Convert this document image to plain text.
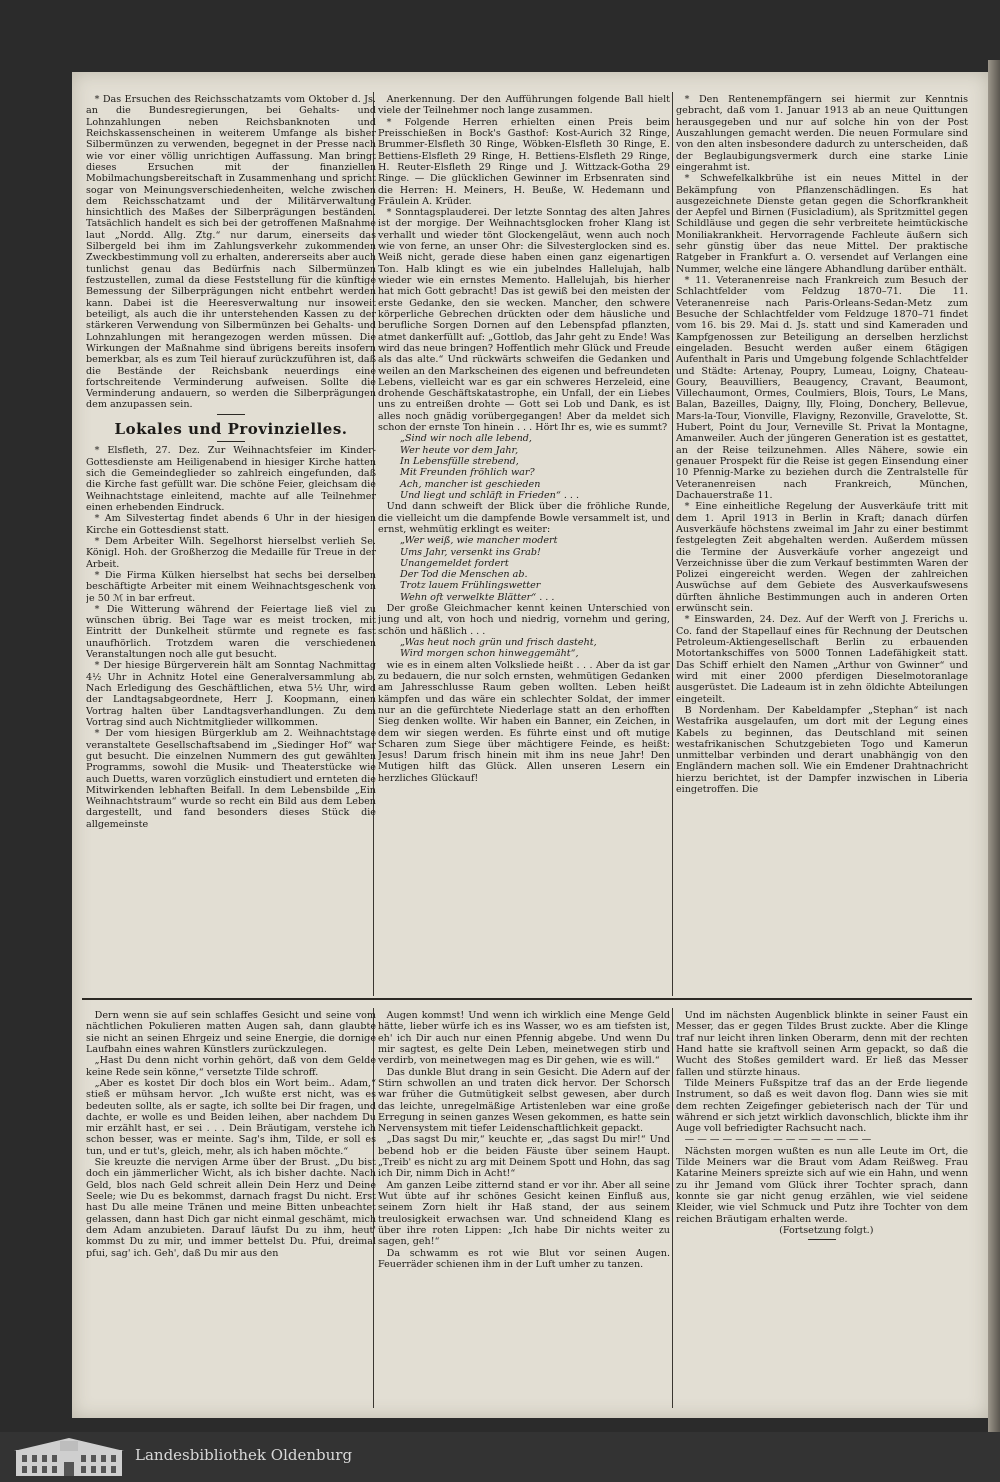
* Das Ersuchen des Reichsschatzamts vom Oktober d. Js. an die Bundesregierungen, bei Gehalts- und Lohnzahlungen neben Reichsbanknoten und Reichskassenscheinen in weiterem Umfange als bisher Silbermünzen zu verwenden, begegnet in der Presse nach wie vor einer völlig unrichtigen Auffassung. Man bringt dieses Ersuchen mit der finanziellen Mobilmachungsbereitschaft in Zusammenhang und spricht sogar von Meinungsverschiedenheiten, welche zwischen dem Reichsschatzamt und der Militärverwaltung hinsichtlich des Maßes der Silberprägungen beständen. Tatsächlich handelt es sich bei der getroffenen Maßnahme laut „Nordd. Allg. Ztg.“ nur darum, einerseits das Silbergeld bei ihm im Zahlungsverkehr zukommenden Zweckbestimmung voll zu erhalten, andererseits aber auch tunlichst genau das Bedürfnis nach Silbermünzen festzustellen, zumal da diese Feststellung für die künftige Bemessung der Silberprägungen nicht entbehrt werden kann. Dabei ist die Heeresverwaltung nur insoweit beteiligt, als auch die ihr unterstehenden Kassen zu der stärkeren Verwendung von Silbermünzen bei Gehalts- und Lohnzahlungen mit herangezogen werden müssen. Die Wirkungen der Maßnahme sind übrigens bereits insofern bemerkbar, als es zum Teil hierauf zurückzuführen ist, daß die Bestände der Reichsbank neuerdings eine fortschreitende Verminderung aufweisen. Sollte die Verminderung andauern, so werden die Silberprägungen dem anzupassen sein.

Lokales und Provinzielles.

* Elsfleth, 27. Dez. Zur Weihnachtsfeier im Kinder-Gottesdienste am Heiligenabend in hiesiger Kirche hatten sich die Gemeindeglieder so zahlreich eingefunden, daß die Kirche fast gefüllt war. Die schöne Feier, gleichsam die Weihnachtstage einleitend, machte auf alle Teilnehmer einen erhebenden Eindruck.

* Am Silvestertag findet abends 6 Uhr in der hiesigen Kirche ein Gottesdienst statt.

* Dem Arbeiter Wilh. Segelhorst hierselbst verlieh Se. Königl. Hoh. der Großherzog die Medaille für Treue in der Arbeit.

* Die Firma Külken hierselbst hat sechs bei derselben beschäftigte Arbeiter mit einem Weihnachtsgeschenk von je 50 ℳ in bar erfreut.

* Die Witterung während der Feiertage ließ viel zu wünschen übrig. Bei Tage war es meist trocken, mit Eintritt der Dunkelheit stürmte und regnete es fast unaufhörlich. Trotzdem waren die verschiedenen Veranstaltungen noch alle gut besucht.

* Der hiesige Bürgerverein hält am Sonntag Nachmittag 4½ Uhr in Achnitz Hotel eine Generalversammlung ab. Nach Erledigung des Geschäftlichen, etwa 5½ Uhr, wird der Landtagsabgeordnete, Herr J. Koopmann, einen Vortrag halten über Landtagsverhandlungen. Zu dem Vortrag sind auch Nichtmitglieder willkommen.

* Der vom hiesigen Bürgerklub am 2. Weihnachtstage veranstaltete Gesellschaftsabend im „Siedinger Hof“ war gut besucht. Die einzelnen Nummern des gut gewählten Programms, sowohl die Musik- und Theaterstücke wie auch Duetts, waren vorzüglich einstudiert und ernteten die Mitwirkenden lebhaften Beifall. In dem Lebensbilde „Ein Weihnachtstraum“ wurde so recht ein Bild aus dem Leben dargestellt, und fand besonders dieses Stück die allgemeinste

Anerkennung. Der den Aufführungen folgende Ball hielt viele der Teilnehmer noch lange zusammen.

* Folgende Herren erhielten einen Preis beim Preisschießen in Bock's Gasthof: Kost-Aurich 32 Ringe, Brummer-Elsfleth 30 Ringe, Wöbken-Elsfleth 30 Ringe, E. Bettiens-Elsfleth 29 Ringe, H. Bettiens-Elsfleth 29 Ringe, H. Reuter-Elsfleth 29 Ringe und J. Wittzack-Gotha 29 Ringe. — Die glücklichen Gewinner im Erbsenraten sind die Herren: H. Meiners, H. Beuße, W. Hedemann und Fräulein A. Krüder.

* Sonntagsplauderei. Der letzte Sonntag des alten Jahres ist der morgige. Der Weihnachtsglocken froher Klang ist verhallt und wieder tönt Glockengeläut, wenn auch noch wie von ferne, an unser Ohr: die Silvesterglocken sind es. Weiß nicht, gerade diese haben einen ganz eigenartigen Ton. Halb klingt es wie ein jubelndes Hallelujah, halb wieder wie ein ernstes Memento. Hallelujah, bis hierher hat mich Gott gebracht! Das ist gewiß bei den meisten der erste Gedanke, den sie wecken. Mancher, den schwere körperliche Gebrechen drückten oder dem häusliche und berufliche Sorgen Dornen auf den Lebenspfad pflanzten, atmet dankerfüllt auf: „Gottlob, das Jahr geht zu Ende! Was wird das neue bringen? Hoffentlich mehr Glück und Freude als das alte.“ Und rückwärts schweifen die Gedanken und weilen an den Markscheinen des eigenen und befreundeten Lebens, vielleicht war es gar ein schweres Herzeleid, eine drohende Geschäftskatastrophe, ein Unfall, der ein Liebes uns zu entreißen drohte — Gott sei Lob und Dank, es ist alles noch gnädig vorübergegangen! Aber da meldet sich schon der ernste Ton hinein . . . Hört Ihr es, wie es summt?

„Sind wir noch alle lebend,

Wer heute vor dem Jahr,

In Lebensfülle strebend,

Mit Freunden fröhlich war?

Ach, mancher ist geschieden

Und liegt und schläft in Frieden“ . . .

Und dann schweift der Blick über die fröhliche Runde, die vielleicht um die dampfende Bowle versammelt ist, und ernst, wehmütig erklingt es weiter:

„Wer weiß, wie mancher modert

Ums Jahr, versenkt ins Grab!

Unangemeldet fordert

Der Tod die Menschen ab.

Trotz lauem Frühlingswetter

Wehn oft verwelkte Blätter“ . . .

Der große Gleichmacher kennt keinen Unterschied von jung und alt, von hoch und niedrig, vornehm und gering, schön und häßlich . . .

„Was heut noch grün und frisch dasteht,

Wird morgen schon hinweggemäht“,

wie es in einem alten Volksliede heißt . . . Aber da ist gar zu bedauern, die nur solch ernsten, wehmütigen Gedanken am Jahresschlusse Raum geben wollten. Leben heißt kämpfen und das wäre ein schlechter Soldat, der immer nur an die gefürchtete Niederlage statt an den erhofften Sieg denken wollte. Wir haben ein Banner, ein Zeichen, in dem wir siegen werden. Es führte einst und oft mutige Scharen zum Siege über mächtigere Feinde, es heißt: Jesus! Darum frisch hinein mit ihm ins neue Jahr! Den Mutigen hilft das Glück. Allen unseren Lesern ein herzliches Glückauf!

* Den Rentenempfängern sei hiermit zur Kenntnis gebracht, daß vom 1. Januar 1913 ab an neue Quittungen herausgegeben und nur auf solche hin von der Post Auszahlungen gemacht werden. Die neuen Formulare sind von den alten insbesondere dadurch zu unterscheiden, daß der Beglaubigungsvermerk durch eine starke Linie eingerahmt ist.

* Schwefelkalkbrühe ist ein neues Mittel in der Bekämpfung von Pflanzenschädlingen. Es hat ausgezeichnete Dienste getan gegen die Schorfkrankheit der Aepfel und Birnen (Fusicladium), als Spritzmittel gegen Schildläuse und gegen die sehr verbreitete heimtückische Moniliakrankheit. Hervorragende Fachleute äußern sich sehr günstig über das neue Mittel. Der praktische Ratgeber in Frankfurt a. O. versendet auf Verlangen eine Nummer, welche eine längere Abhandlung darüber enthält.

* 11. Veteranenreise nach Frankreich zum Besuch der Schlachtfelder vom Feldzug 1870–71. Die 11. Veteranenreise nach Paris-Orleans-Sedan-Metz zum Besuche der Schlachtfelder vom Feldzuge 1870–71 findet vom 16. bis 29. Mai d. Js. statt und sind Kameraden und Kampfgenossen zur Beteiligung an derselben herzlichst eingeladen. Besucht werden außer einem 6tägigen Aufenthalt in Paris und Umgebung folgende Schlachtfelder und Städte: Artenay, Poupry, Lumeau, Loigny, Chateau-Goury, Beauvilliers, Beaugency, Cravant, Beaumont, Villechaumont, Ormes, Coulmiers, Blois, Tours, Le Mans, Balan, Bazeilles, Daigny, Illy, Floing, Donchery, Bellevue, Mars-la-Tour, Vionville, Flavigny, Rezonville, Gravelotte, St. Hubert, Point du Jour, Verneville St. Privat la Montagne, Amanweiler. Auch der jüngeren Generation ist es gestattet, an der Reise teilzunehmen. Alles Nähere, sowie ein genauer Prospekt für die Reise ist gegen Einsendung einer 10 Pfennig-Marke zu beziehen durch die Zentralstelle für Veteranenreisen nach Frankreich, München, Dachauerstraße 11.

* Eine einheitliche Regelung der Ausverkäufe tritt mit dem 1. April 1913 in Berlin in Kraft; danach dürfen Ausverkäufe höchstens zweimal im Jahr zu einer bestimmt festgelegten Zeit abgehalten werden. Außerdem müssen die Termine der Ausverkäufe vorher angezeigt und Verzeichnisse über die zum Verkauf bestimmten Waren der Polizei eingereicht werden. Wegen der zahlreichen Auswüchse auf dem Gebiete des Ausverkaufswesens dürften ähnliche Bestimmungen auch in anderen Orten erwünscht sein.

* Einswarden, 24. Dez. Auf der Werft von J. Frerichs u. Co. fand der Stapellauf eines für Rechnung der Deutschen Petroleum-Aktiengesellschaft Berlin zu erbauenden Motortankschiffes von 5000 Tonnen Ladefähigkeit statt. Das Schiff erhielt den Namen „Arthur von Gwinner“ und wird mit einer 2000 pferdigen Dieselmotoranlage ausgerüstet. Die Ladeaum ist in zehn öldichte Abteilungen eingeteilt.

B Nordenham. Der Kabeldampfer „Stephan“ ist nach Westafrika ausgelaufen, um dort mit der Legung eines Kabels zu beginnen, das Deutschland mit seinen westafrikanischen Schutzgebieten Togo und Kamerun unmittelbar verbinden und derart unabhängig von den Engländern machen soll. Wie ein Emdener Drahtnachricht hierzu berichtet, ist der Dampfer inzwischen in Liberia eingetroffen. Die

Dern wenn sie auf sein schlaffes Gesicht und seine vom nächtlichen Pokulieren matten Augen sah, dann glaubte sie nicht an seinen Ehrgeiz und seine Energie, die dornige Laufbahn eines wahren Künstlers zurückzulegen.

„Hast Du denn nicht vorhin gehört, daß von dem Gelde keine Rede sein könne,“ versetzte Tilde schroff.

„Aber es kostet Dir doch blos ein Wort beim.. Adam,“ stieß er mühsam hervor. „Ich wußte erst nicht, was es bedeuten sollte, als er sagte, ich sollte bei Dir fragen, und dachte, er wolle es und Beiden leihen, aber nachdem Du mir erzählt hast, er sei . . . Dein Bräutigam, verstehe ich schon besser, was er meinte. Sag's ihm, Tilde, er soll es tun, und er tut's, gleich, mehr, als ich haben möchte.“

Sie kreuzte die nervigen Arme über der Brust. „Du bist doch ein jämmerlicher Wicht, als ich bisher dachte. Nach Geld, blos nach Geld schreit allein Dein Herz und Deine Seele; wie Du es bekommst, darnach fragst Du nicht. Erst hast Du alle meine Tränen und meine Bitten unbeachtet gelassen, dann hast Dich gar nicht einmal geschämt, mich dem Adam anzubieten. Darauf läufst Du zu ihm, heut' kommst Du zu mir, und immer bettelst Du. Pfui, dreimal pfui, sag' ich. Geh', daß Du mir aus den

Augen kommst! Und wenn ich wirklich eine Menge Geld hätte, lieber würfe ich es ins Wasser, wo es am tiefsten ist, eh' ich Dir auch nur einen Pfennig abgebe. Und wenn Du mir sagtest, es gelte Dein Leben, meinetwegen stirb und verdirb, von meinetwegen mag es Dir gehen, wie es will.“

Das dunkle Blut drang in sein Gesicht. Die Adern auf der Stirn schwollen an und traten dick hervor. Der Schorsch war früher die Gutmütigkeit selbst gewesen, aber durch das leichte, unregelmäßige Artistenleben war eine große Erregung in seinen ganzes Wesen gekommen, es hatte sein Nervensystem mit tiefer Leidenschaftlichkeit gepackt.

„Das sagst Du mir,“ keuchte er, „das sagst Du mir!“ Und bebend hob er die beiden Fäuste über seinem Haupt. „Treib' es nicht zu arg mit Deinem Spott und Hohn, das sag ich Dir, nimm Dich in Acht!“

Am ganzen Leibe zitternd stand er vor ihr. Aber all seine Wut übte auf ihr schönes Gesicht keinen Einfluß aus, seinem Zorn hielt ihr Haß stand, der aus seinem treulosigkeit erwachsen war. Und schneidend Klang es über ihre roten Lippen: „Ich habe Dir nichts weiter zu sagen, geh!“

Da schwamm es rot wie Blut vor seinen Augen. Feuerräder schienen ihm in der Luft umher zu tanzen.

Und im nächsten Augenblick blinkte in seiner Faust ein Messer, das er gegen Tildes Brust zuckte. Aber die Klinge traf nur leicht ihren linken Oberarm, denn mit der rechten Hand hatte sie kraftvoll seinen Arm gepackt, so daß die Wucht des Stoßes gemildert ward. Er ließ das Messer fallen und stürzte hinaus.

Tilde Meiners Fußspitze traf das an der Erde liegende Instrument, so daß es weit davon flog. Dann wies sie mit dem rechten Zeigefinger gebieterisch nach der Tür und während er sich jetzt wirklich davonschlich, blickte ihm ihr Auge voll befriedigter Rachsucht nach.

— — — — — — — — — — — — — — —

Nächsten morgen wußten es nun alle Leute im Ort, die Tilde Meiners war die Braut vom Adam Reißweg. Frau Katarine Meiners spreizte sich auf wie ein Hahn, und wenn zu ihr Jemand vom Glück ihrer Tochter sprach, dann konnte sie gar nicht genug erzählen, wie viel seidene Kleider, wie viel Schmuck und Putz ihre Tochter von dem reichen Bräutigam erhalten werde.

(Fortsetzung folgt.)

Landesbibliothek Oldenburg
